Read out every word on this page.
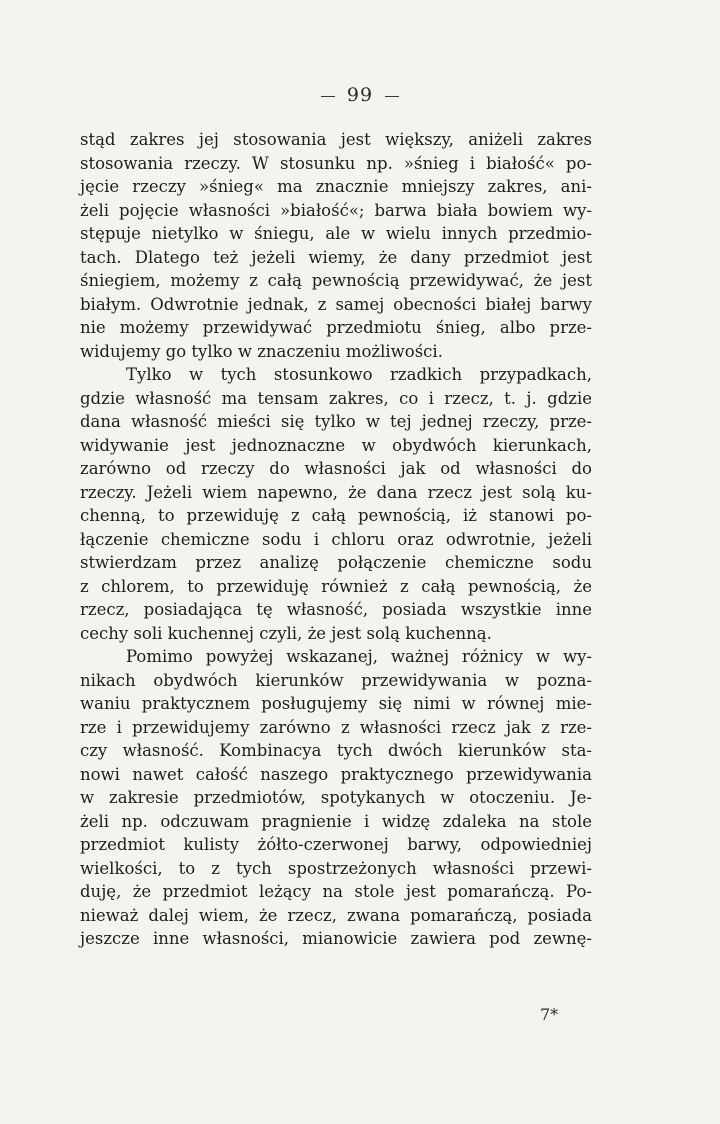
99
stąd zakres jej stosowania jest większy, aniżeli zakres
stosowania rzeczy. W stosunku np. »śnieg i białość« po-
jęcie rzeczy »śnieg« ma znacznie mniejszy zakres, ani-
żeli pojęcie własności »białość«; barwa biała bowiem wy-
stępuje nietylko w śniegu, ale w wielu innych przedmio-
tach. Dlatego też jeżeli wiemy, że dany przedmiot jest
śniegiem, możemy z całą pewnością przewidywać, że jest
białym. Odwrotnie jednak, z samej obecności białej barwy
nie możemy przewidywać przedmiotu śnieg, albo prze-
widujemy go tylko w znaczeniu możliwości.
Tylko w tych stosunkowo rzadkich przypadkach,
gdzie własność ma tensam zakres, co i rzecz, t. j. gdzie
dana własność mieści się tylko w tej jednej rzeczy, prze-
widywanie jest jednoznaczne w obydwóch kierunkach,
zarówno od rzeczy do własności jak od własności do
rzeczy. Jeżeli wiem napewno, że dana rzecz jest solą ku-
chenną, to przewiduję z całą pewnością, iż stanowi po-
łączenie chemiczne sodu i chloru oraz odwrotnie, jeżeli
stwierdzam przez analizę połączenie chemiczne sodu
z chlorem, to przewiduję również z całą pewnością, że
rzecz, posiadająca tę własność, posiada wszystkie inne
cechy soli kuchennej czyli, że jest solą kuchenną.
Pomimo powyżej wskazanej, ważnej różnicy w wy-
nikach obydwóch kierunków przewidywania w pozna-
waniu praktycznem posługujemy się nimi w równej mie-
rze i przewidujemy zarówno z własności rzecz jak z rze-
czy własność. Kombinacya tych dwóch kierunków sta-
nowi nawet całość naszego praktycznego przewidywania
w zakresie przedmiotów, spotykanych w otoczeniu. Je-
żeli np. odczuwam pragnienie i widzę zdaleka na stole
przedmiot kulisty żółto-czerwonej barwy, odpowiedniej
wielkości, to z tych spostrzeżonych własności przewi-
duję, że przedmiot leżący na stole jest pomarańczą. Po-
nieważ dalej wiem, że rzecz, zwana pomarańczą, posiada
jeszcze inne własności, mianowicie zawiera pod zewnę-
7*
